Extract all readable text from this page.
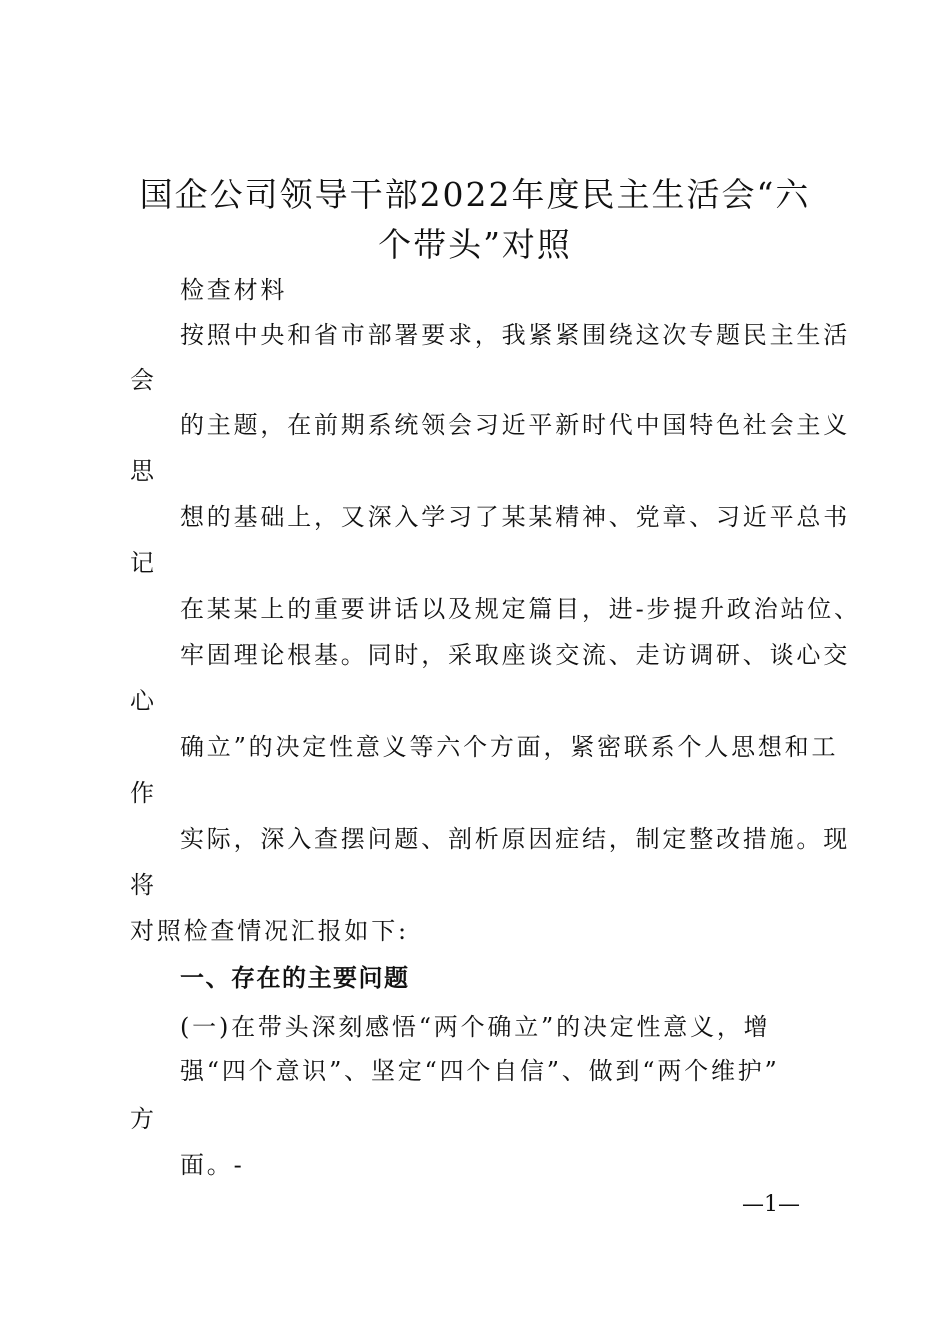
国企公司领导干部2022年度民主生活会“六
个带头”对照
检查材料
按照中央和省市部署要求，我紧紧围绕这次专题民主生活
会
的主题，在前期系统领会习近平新时代中国特色社会主义
思
想的基础上，又深入学习了某某精神、党章、习近平总书
记
在某某上的重要讲话以及规定篇目，进-步提升政治站位、
牢固理论根基。同时，采取座谈交流、走访调研、谈心交
心
确立”的决定性意义等六个方面，紧密联系个人思想和工
作
实际，深入查摆问题、剖析原因症结，制定整改措施。现
将
对照检查情况汇报如下:
一、存在的主要问题
(一)在带头深刻感悟“两个确立”的决定性意义，增
强“四个意识”、坚定“四个自信”、做到“两个维护”
方
面。-
—1—
